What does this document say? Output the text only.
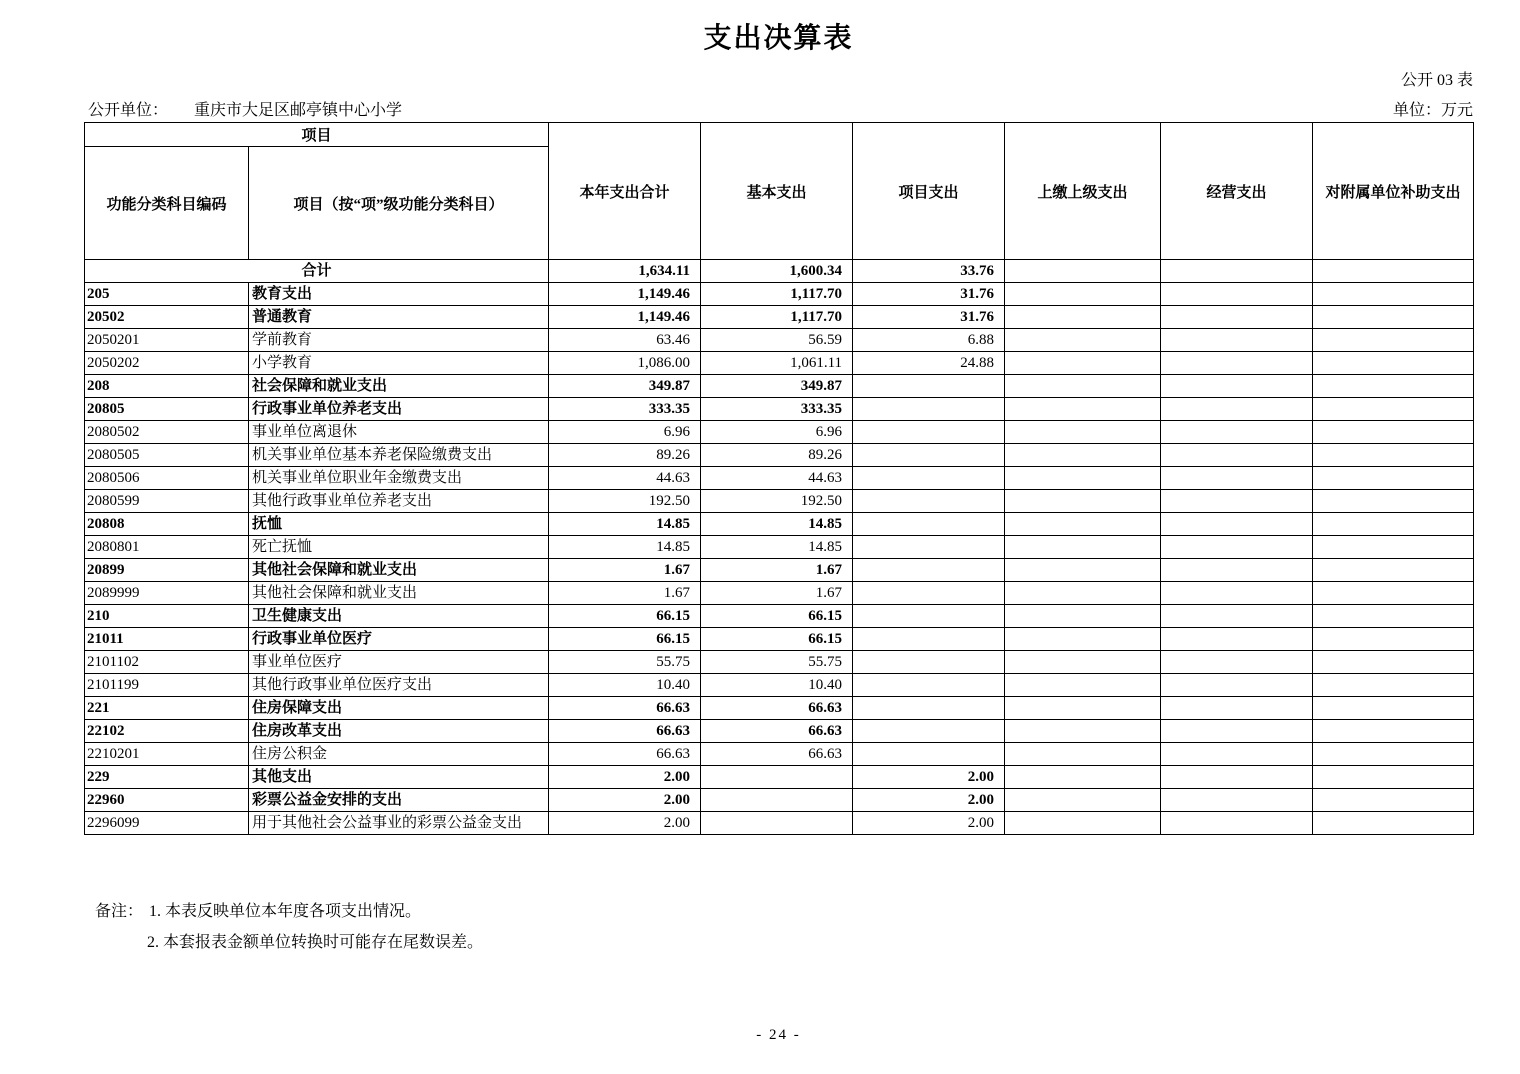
支出决算表
公开 03 表
公开单位： 重庆市大足区邮亭镇中心小学	单位：万元
项目		本年支出合计	基本支出	项目支出	上缴上级支出	经营支出	对附属单位补助支出
功能分类科目编码	项目（按“项”级功能分类科目）						
合计		1,634.11	1,600.34	33.76			
205	教育支出	1,149.46	1,117.70	31.76			
20502	普通教育	1,149.46	1,117.70	31.76			
2050201	学前教育	63.46	56.59	6.88			
2050202	小学教育	1,086.00	1,061.11	24.88			
208	社会保障和就业支出	349.87	349.87				
20805	行政事业单位养老支出	333.35	333.35				
2080502	事业单位离退休	6.96	6.96				
2080505	机关事业单位基本养老保险缴费支出	89.26	89.26				
2080506	机关事业单位职业年金缴费支出	44.63	44.63				
2080599	其他行政事业单位养老支出	192.50	192.50				
20808	抚恤	14.85	14.85				
2080801	死亡抚恤	14.85	14.85				
20899	其他社会保障和就业支出	1.67	1.67				
2089999	其他社会保障和就业支出	1.67	1.67				
210	卫生健康支出	66.15	66.15				
21011	行政事业单位医疗	66.15	66.15				
2101102	事业单位医疗	55.75	55.75				
2101199	其他行政事业单位医疗支出	10.40	10.40				
221	住房保障支出	66.63	66.63				
22102	住房改革支出	66.63	66.63				
2210201	住房公积金	66.63	66.63				
229	其他支出	2.00		2.00			
22960	彩票公益金安排的支出	2.00		2.00			
2296099	用于其他社会公益事业的彩票公益金支出	2.00		2.00			
备注： 1. 本表反映单位本年度各项支出情况。
2. 本套报表金额单位转换时可能存在尾数误差。
- 24 -
